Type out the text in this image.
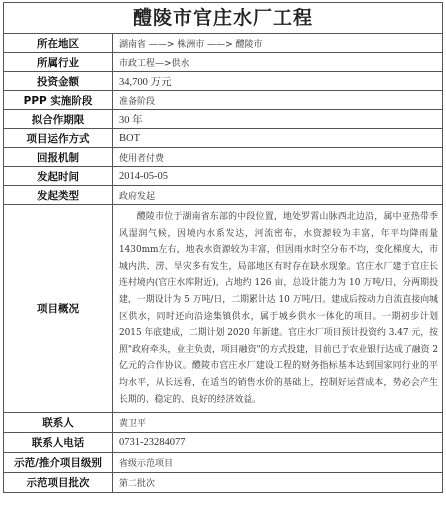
醴陵市官庄水厂工程
所在地区	湖南省 ——> 株洲市 ——> 醴陵市
所属行业	市政工程—>供水
投资金额	34,700 万元
PPP 实施阶段	准备阶段
拟合作期限	30 年
项目运作方式	BOT
回报机制	使用者付费
发起时间	2014-05-05
发起类型	政府发起
项目概况	醴陵市位于湖南省东部的中段位置，地处罗霄山脉西北边沿，属中亚热带季风湿润气候，因境内水系发达，河流密布，水资源较为丰富，年平均降雨量1430mm左右，地表水资源较为丰富，但因雨水时空分布不均，变化梯度大，市城内洪、涝、旱灾多有发生，局部地区有时存在缺水现象。官庄水厂建于官庄长连村境内(官庄水库附近)，占地约 126 亩，总设计能力为 10 万吨/日，分两期投建，一期设计为 5 万吨/日，二期累计达 10 万吨/日。建成后按动力自流直接向城区供水，同时还向沿途集镇供水，属于城乡供水一体化的项目。一期初步计划 2015 年底建成，二期计划 2020 年新建。官庄水厂项目预计投资约 3.47 元，按照"政府牵头，业主负责，项目融资"的方式投建，目前已于农业银行达成了融资 2 亿元的合作协议。醴陵市官庄水厂建设工程的财务指标基本达到国家同行业的平均水平，从长远看，在适当的销售水价的基础上，控制好运营成本，势必会产生长期的、稳定的、良好的经济效益。
联系人	黄卫平
联系人电话	0731-23284077
示范/推介项目级别	省级示范项目
示范项目批次	第二批次
